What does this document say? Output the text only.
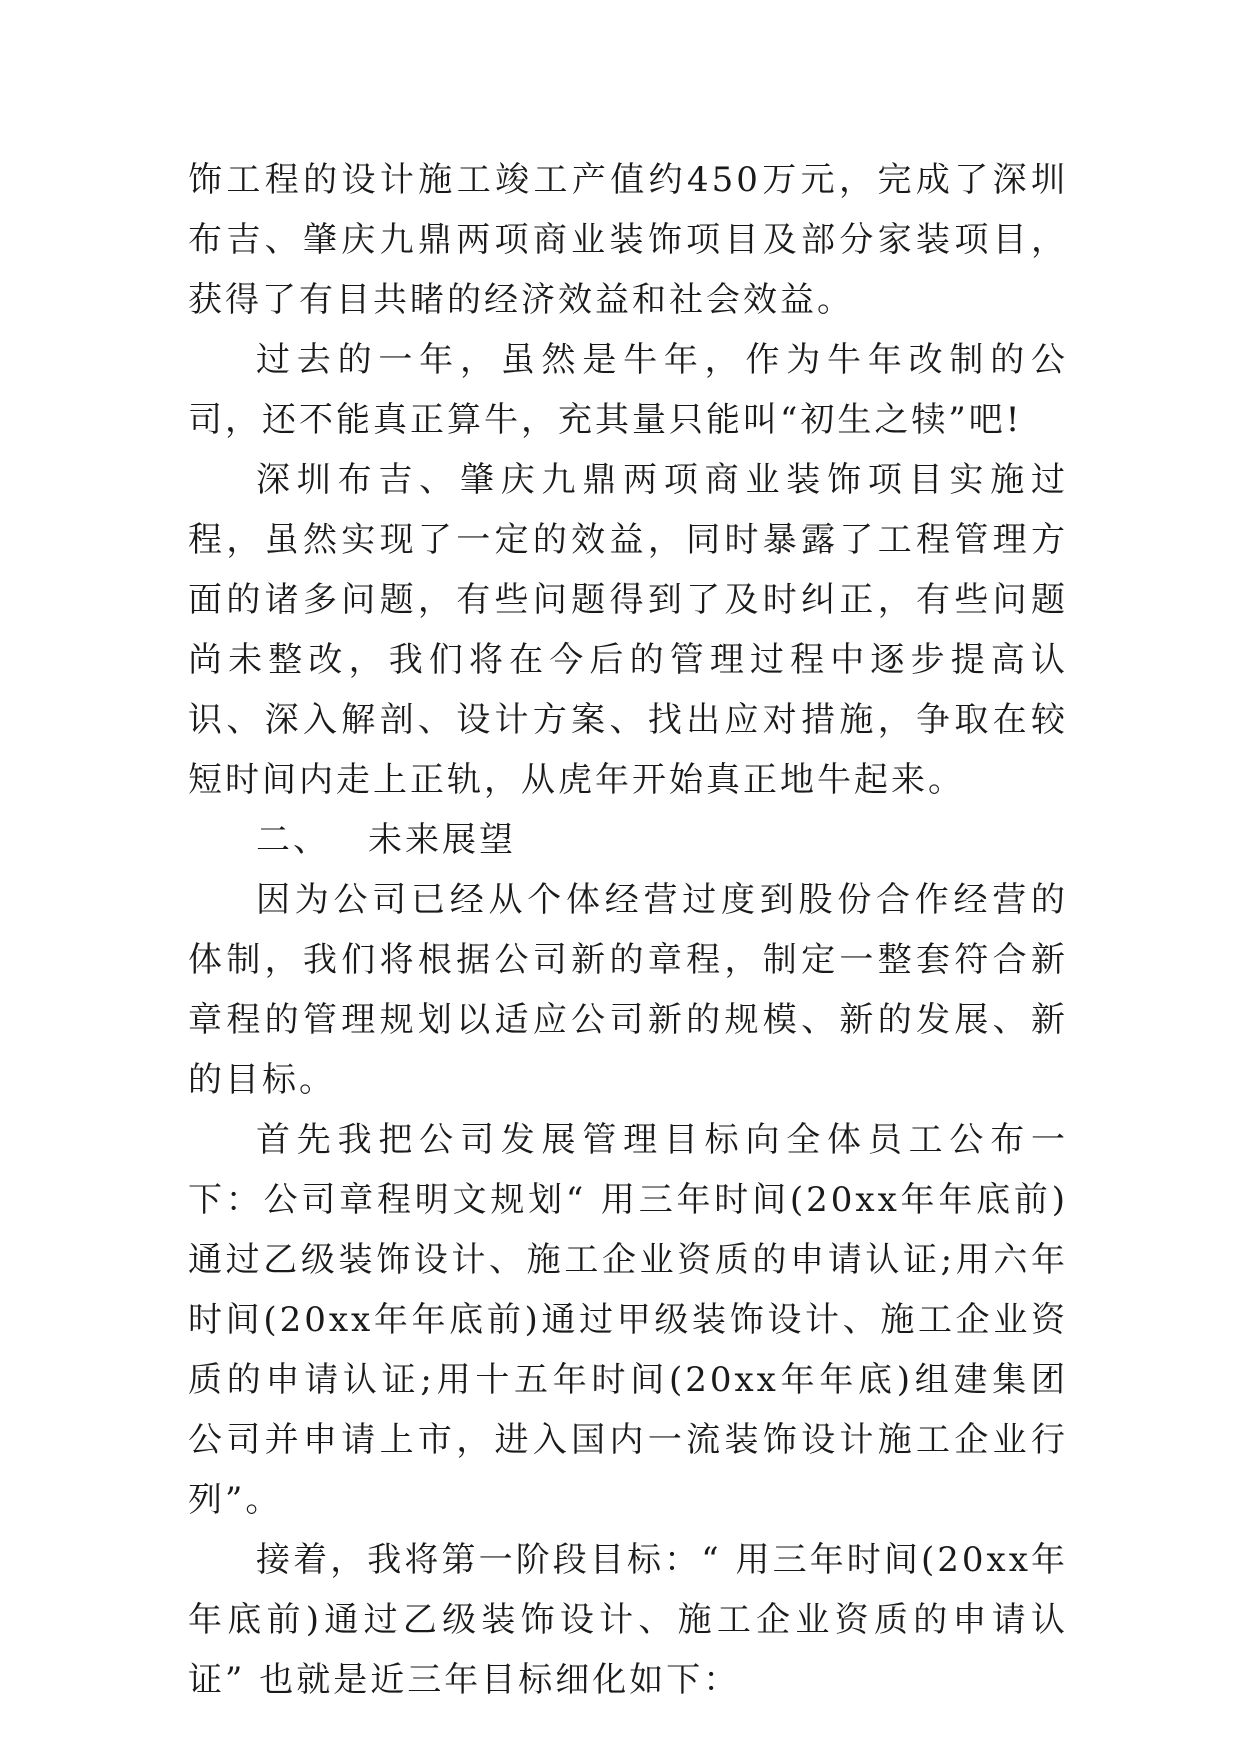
饰工程的设计施工竣工产值约450万元，完成了深圳布吉、肇庆九鼎两项商业装饰项目及部分家装项目，获得了有目共睹的经济效益和社会效益。

过去的一年，虽然是牛年，作为牛年改制的公司，还不能真正算牛，充其量只能叫“初生之犊”吧!

深圳布吉、肇庆九鼎两项商业装饰项目实施过程，虽然实现了一定的效益，同时暴露了工程管理方面的诸多问题，有些问题得到了及时纠正，有些问题尚未整改，我们将在今后的管理过程中逐步提高认识、深入解剖、设计方案、找出应对措施，争取在较短时间内走上正轨，从虎年开始真正地牛起来。

二、 未来展望

因为公司已经从个体经营过度到股份合作经营的体制，我们将根据公司新的章程，制定一整套符合新章程的管理规划以适应公司新的规模、新的发展、新的目标。

首先我把公司发展管理目标向全体员工公布一下：公司章程明文规划“ 用三年时间(20xx年年底前)通过乙级装饰设计、施工企业资质的申请认证;用六年时间(20xx年年底前)通过甲级装饰设计、施工企业资质的申请认证;用十五年时间(20xx年年底)组建集团公司并申请上市，进入国内一流装饰设计施工企业行列”。

接着，我将第一阶段目标：“ 用三年时间(20xx年年底前)通过乙级装饰设计、施工企业资质的申请认证” 也就是近三年目标细化如下：
